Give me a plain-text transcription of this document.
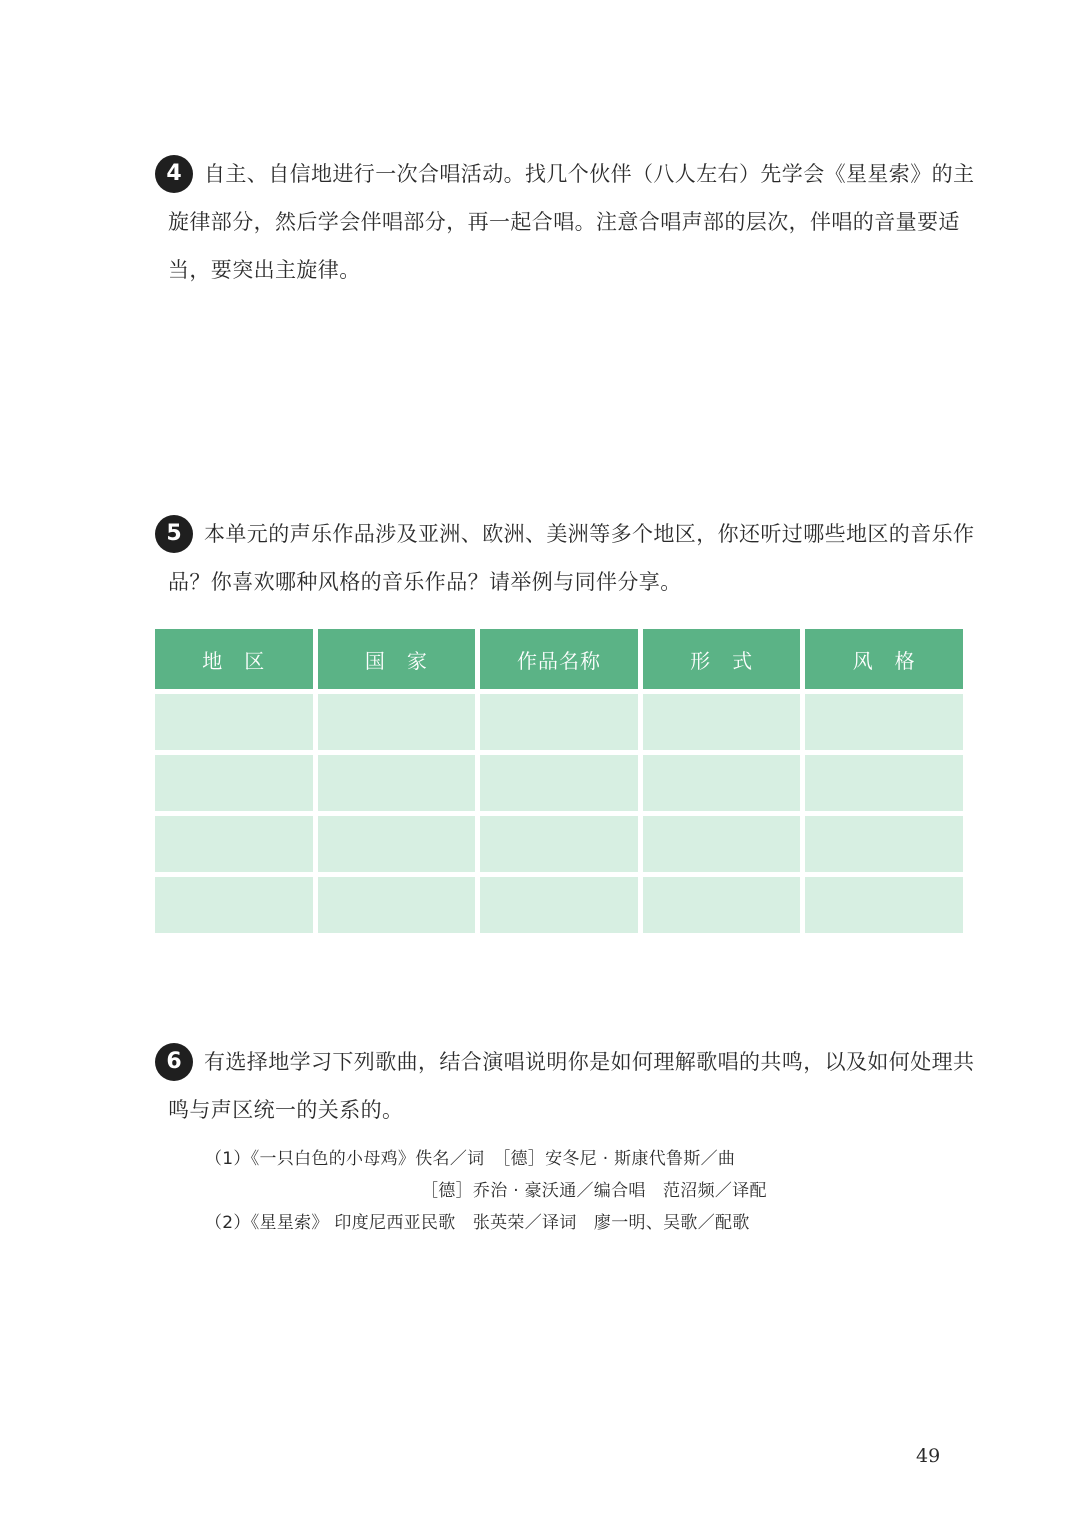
4	自主、自信地进行一次合唱活动。找几个伙伴（八人左右）先学会《星星索》的主旋律部分，然后学会伴唱部分，再一起合唱。注意合唱声部的层次，伴唱的音量要适当，要突出主旋律。

5	本单元的声乐作品涉及亚洲、欧洲、美洲等多个地区，你还听过哪些地区的音乐作品？你喜欢哪种风格的音乐作品？请举例与同伴分享。

地　区	国　家	作品名称	形　式	风　格

6	有选择地学习下列歌曲，结合演唱说明你是如何理解歌唱的共鸣，以及如何处理共鸣与声区统一的关系的。

（1）《一只白色的小母鸡》佚名／词　［德］安冬尼 · 斯康代鲁斯／曲
［德］乔治 · 豪沃通／编合唱　范沼频／译配
（2）《星星索》 印度尼西亚民歌　张英荣／译词　廖一明、吴歌／配歌
49
